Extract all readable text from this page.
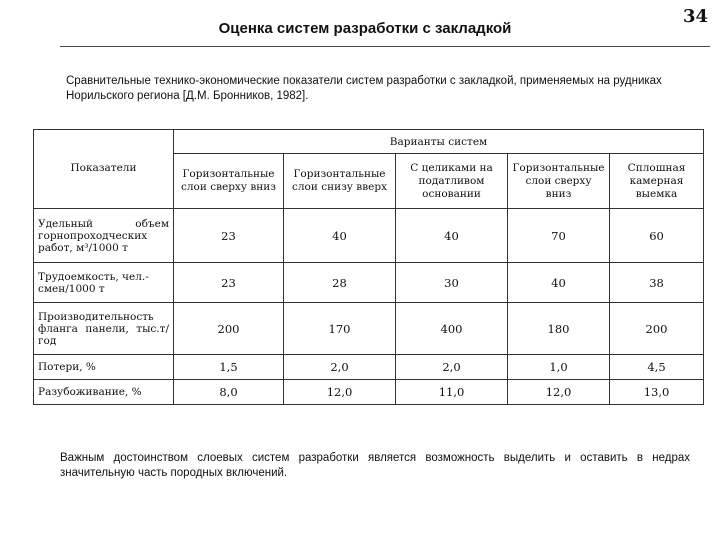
34
Оценка систем разработки с закладкой
Сравнительные технико-экономические показатели систем разработки с закладкой, применяемых на рудниках Норильского региона [Д.М. Бронников, 1982].
Показатели	Варианты систем				
	Горизонтальные слои сверху вниз	Горизонтальные слои снизу вверх	С целиками на податливом основании	Горизонтальные слои сверху вниз	Сплошная камерная выемка
Удельный объем горнопроходческих работ, м³/1000 т	23	40	40	70	60
Трудоемкость, чел.-смен/1000 т	23	28	30	40	38
Производительность фланга панели, тыс.т/год	200	170	400	180	200
Потери, %	1,5	2,0	2,0	1,0	4,5
Разубоживание, %	8,0	12,0	11,0	12,0	13,0
Важным достоинством слоевых систем разработки является возможность выделить и оставить в недрах значительную часть породных включений.
